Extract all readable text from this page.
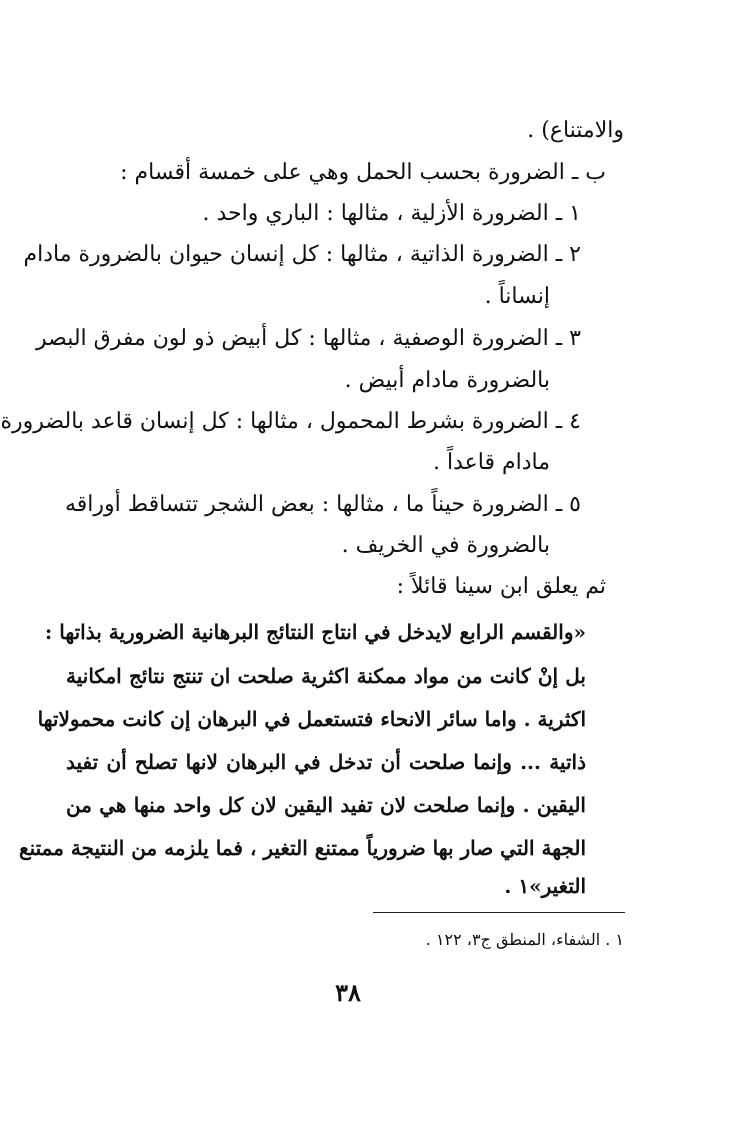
والامتناع) .
ب ـ الضرورة بحسب الحمل وهي على خمسة أقسام :
١ ـ الضرورة الأزلية ، مثالها : الباري واحد .
٢ ـ الضرورة الذاتية ، مثالها : كل إنسان حيوان بالضرورة مادام
إنساناً .
٣ ـ الضرورة الوصفية ، مثالها : كل أبيض ذو لون مفرق البصر
بالضرورة مادام أبيض .
٤ ـ الضرورة بشرط المحمول ، مثالها : كل إنسان قاعد بالضرورة
مادام قاعداً .
٥ ـ الضرورة حيناً ما ، مثالها : بعض الشجر تتساقط أوراقه
بالضرورة في الخريف .
ثم يعلق ابن سينا قائلاً :
«والقسم الرابع لايدخل في انتاج النتائج البرهانية الضرورية بذاتها :
بل إنْ كانت من مواد ممكنة اكثرية صلحت ان تنتج نتائج امكانية
اكثرية . واما سائر الانحاء فتستعمل في البرهان إن كانت محمولاتها
ذاتية ... وإنما صلحت أن تدخل في البرهان لانها تصلح أن تفيد
اليقين . وإنما صلحت لان تفيد اليقين لان كل واحد منها هي من
الجهة التي صار بها ضرورياً ممتنع التغير ، فما يلزمه من النتيجة ممتنع
التغير»١ .
١ . الشفاء، المنطق ج٣، ١٢٢ .
٣٨
